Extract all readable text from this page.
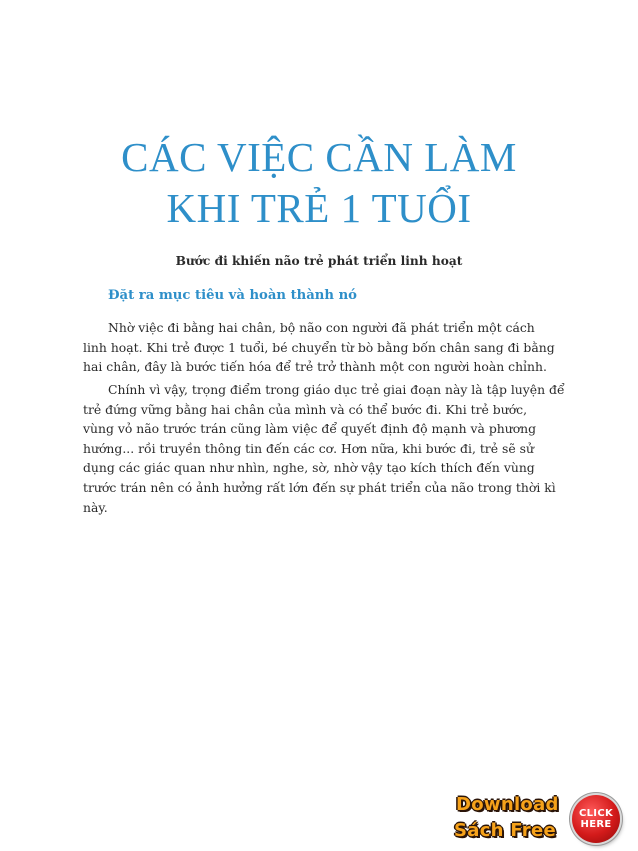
CÁC VIỆC CẦN LÀM
KHI TRẺ 1 TUỔI
Bước đi khiến não trẻ phát triển linh hoạt
Đặt ra mục tiêu và hoàn thành nó
Nhờ việc đi bằng hai chân, bộ não con người đã phát triển một cách
linh hoạt. Khi trẻ được 1 tuổi, bé chuyển từ bò bằng bốn chân sang đi bằng
hai chân, đây là bước tiến hóa để trẻ trở thành một con người hoàn chỉnh.
Chính vì vậy, trọng điểm trong giáo dục trẻ giai đoạn này là tập luyện để
trẻ đứng vững bằng hai chân của mình và có thể bước đi. Khi trẻ bước,
vùng vỏ não trước trán cũng làm việc để quyết định độ mạnh và phương
hướng... rồi truyền thông tin đến các cơ. Hơn nữa, khi bước đi, trẻ sẽ sử
dụng các giác quan như nhìn, nghe, sờ, nhờ vậy tạo kích thích đến vùng
trước trán nên có ảnh hưởng rất lớn đến sự phát triển của não trong thời kì
này.
Download
Sách Free
CLICK
HERE
